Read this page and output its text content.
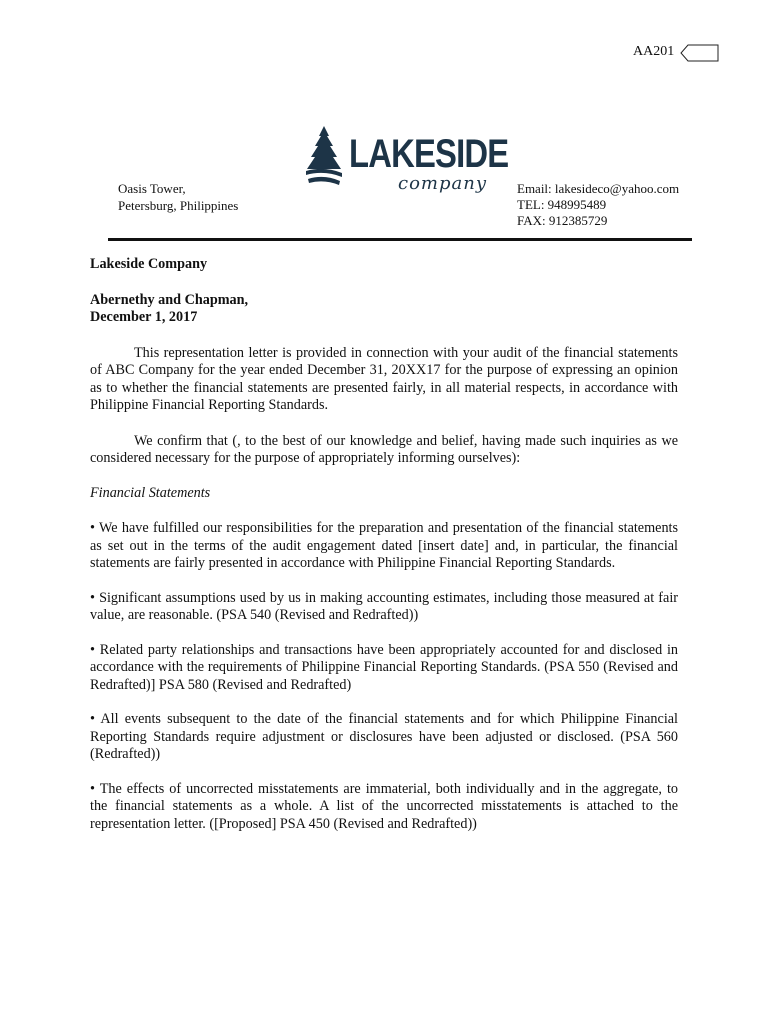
AA201
LAKESIDE
company
Oasis Tower,
Petersburg, Philippines
Email: lakesideco@yahoo.com
TEL: 948995489
FAX: 912385729

Lakeside Company

Abernethy and Chapman,

December 1, 2017

This representation letter is provided in connection with your audit of the financial statements of ABC Company for the year ended December 31, 20XX17 for the purpose of expressing an opinion as to whether the financial statements are presented fairly, in all material respects, in accordance with Philippine Financial Reporting Standards.

We confirm that (, to the best of our knowledge and belief, having made such inquiries as we considered necessary for the purpose of appropriately informing ourselves):

Financial Statements

• We have fulfilled our responsibilities for the preparation and presentation of the financial statements as set out in the terms of the audit engagement dated [insert date] and, in particular, the financial statements are fairly presented in accordance with Philippine Financial Reporting Standards.

• Significant assumptions used by us in making accounting estimates, including those measured at fair value, are reasonable. (PSA 540 (Revised and Redrafted))

• Related party relationships and transactions have been appropriately accounted for and disclosed in accordance with the requirements of Philippine Financial Reporting Standards. (PSA 550 (Revised and Redrafted)] PSA 580 (Revised and Redrafted)

• All events subsequent to the date of the financial statements and for which Philippine Financial Reporting Standards require adjustment or disclosures have been adjusted or disclosed. (PSA 560 (Redrafted))

• The effects of uncorrected misstatements are immaterial, both individually and in the aggregate, to the financial statements as a whole. A list of the uncorrected misstatements is attached to the representation letter. ([Proposed] PSA 450 (Revised and Redrafted))
